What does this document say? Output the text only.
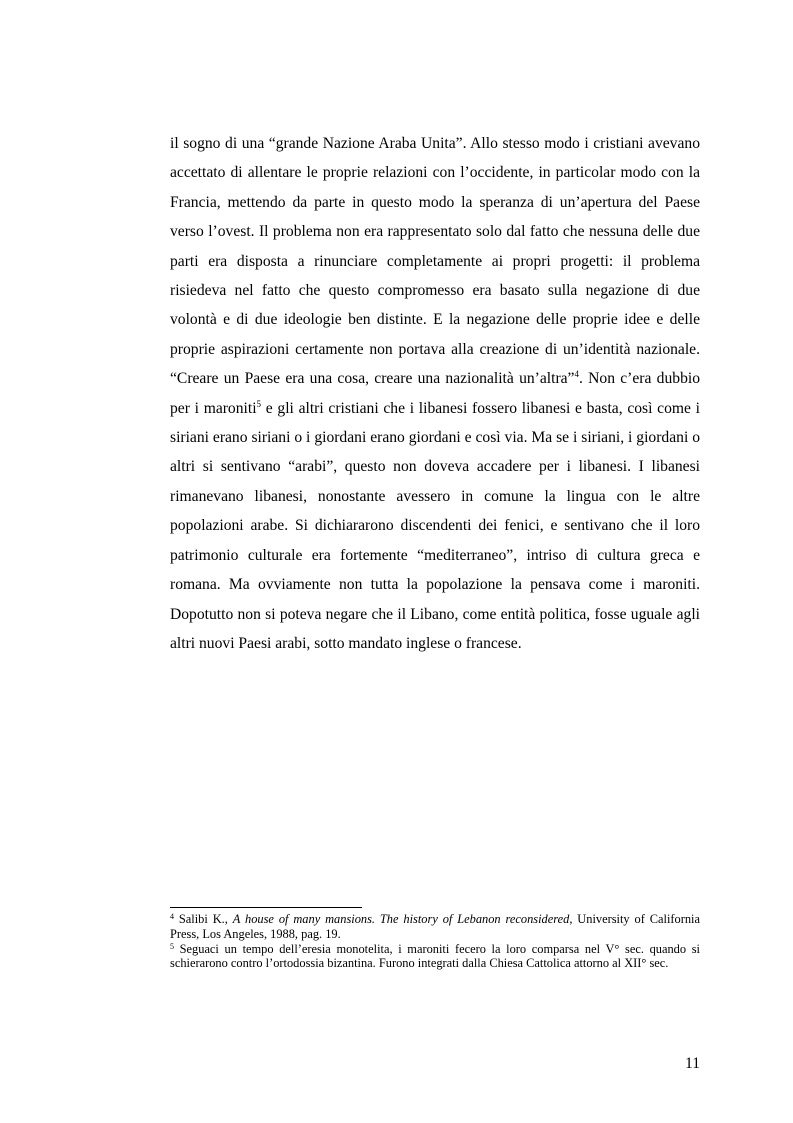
il sogno di una “grande Nazione Araba Unita”. Allo stesso modo i cristiani avevano accettato di allentare le proprie relazioni con l’occidente, in particolar modo con la Francia, mettendo da parte in questo modo la speranza di un’apertura del Paese verso l’ovest. Il problema non era rappresentato solo dal fatto che nessuna delle due parti era disposta a rinunciare completamente ai propri progetti: il problema risiedeva nel fatto che questo compromesso era basato sulla negazione di due volontà e di due ideologie ben distinte. E la negazione delle proprie idee e delle proprie aspirazioni certamente non portava alla creazione di un’identità nazionale. “Creare un Paese era una cosa, creare una nazionalità un’altra”$^4$. Non c’era dubbio per i maroniti$^5$ e gli altri cristiani che i libanesi fossero libanesi e basta, così come i siriani erano siriani o i giordani erano giordani e così via. Ma se i siriani, i giordani o altri si sentivano “arabi”, questo non doveva accadere per i libanesi. I libanesi rimanevano libanesi, nonostante avessero in comune la lingua con le altre popolazioni arabe. Si dichiararono discendenti dei fenici, e sentivano che il loro patrimonio culturale era fortemente “mediterraneo”, intriso di cultura greca e romana. Ma ovviamente non tutta la popolazione la pensava come i maroniti. Dopotutto non si poteva negare che il Libano, come entità politica, fosse uguale agli altri nuovi Paesi arabi, sotto mandato inglese o francese.

$^4$ Salibi K., A house of many mansions. The history of Lebanon reconsidered, University of California Press, Los Angeles, 1988, pag. 19.

$^5$ Seguaci un tempo dell’eresia monotelita, i maroniti fecero la loro comparsa nel V° sec. quando si schierarono contro l’ortodossia bizantina. Furono integrati dalla Chiesa Cattolica attorno al XII° sec.

11
